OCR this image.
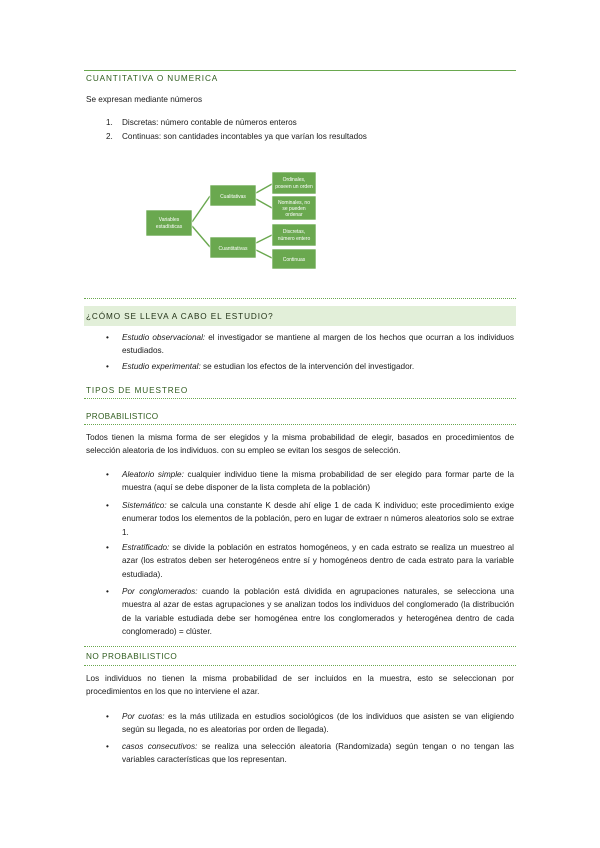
CUANTITATIVA O NUMERICA
Se expresan mediante números
1. Discretas: número contable de números enteros
2. Continuas: son cantidades incontables ya que varían los resultados
Variables
estadísticas
Cualitativas
Cuantitativas
Ordinales,
poseen un orden
Nominales, no
se pueden
ordenar
Discretas,
número entero
Continuas
¿CÓMO SE LLEVA A CABO EL ESTUDIO?
•	Estudio observacional: el investigador se mantiene al margen de los hechos que ocurran a los individuos estudiados.
•	Estudio experimental: se estudian los efectos de la intervención del investigador.
TIPOS DE MUESTREO
PROBABILISTICO
Todos tienen la misma forma de ser elegidos y la misma probabilidad de elegir, basados en procedimientos de selección aleatoria de los individuos. con su empleo se evitan los sesgos de selección.
•	Aleatorio simple: cualquier individuo tiene la misma probabilidad de ser elegido para formar parte de la muestra (aquí se debe disponer de la lista completa de la población)
•	Sistemático: se calcula una constante K desde ahí elige 1 de cada K individuo; este procedimiento exige enumerar todos los elementos de la población, pero en lugar de extraer n números aleatorios solo se extrae 1.
•	Estratificado: se divide la población en estratos homogéneos, y en cada estrato se realiza un muestreo al azar (los estratos deben ser heterogéneos entre sí y homogéneos dentro de cada estrato para la variable estudiada).
•	Por conglomerados: cuando la población está dividida en agrupaciones naturales, se selecciona una muestra al azar de estas agrupaciones y se analizan todos los individuos del conglomerado (la distribución de la variable estudiada debe ser homogénea entre los conglomerados y heterogénea dentro de cada conglomerado) = clúster.
NO PROBABILISTICO
Los individuos no tienen la misma probabilidad de ser incluidos en la muestra, esto se seleccionan por procedimientos en los que no interviene el azar.
•	Por cuotas: es la más utilizada en estudios sociológicos (de los individuos que asisten se van eligiendo según su llegada, no es aleatorias por orden de llegada).
•	casos consecutivos: se realiza una selección aleatoria (Randomizada) según tengan o no tengan las variables características que los representan.
